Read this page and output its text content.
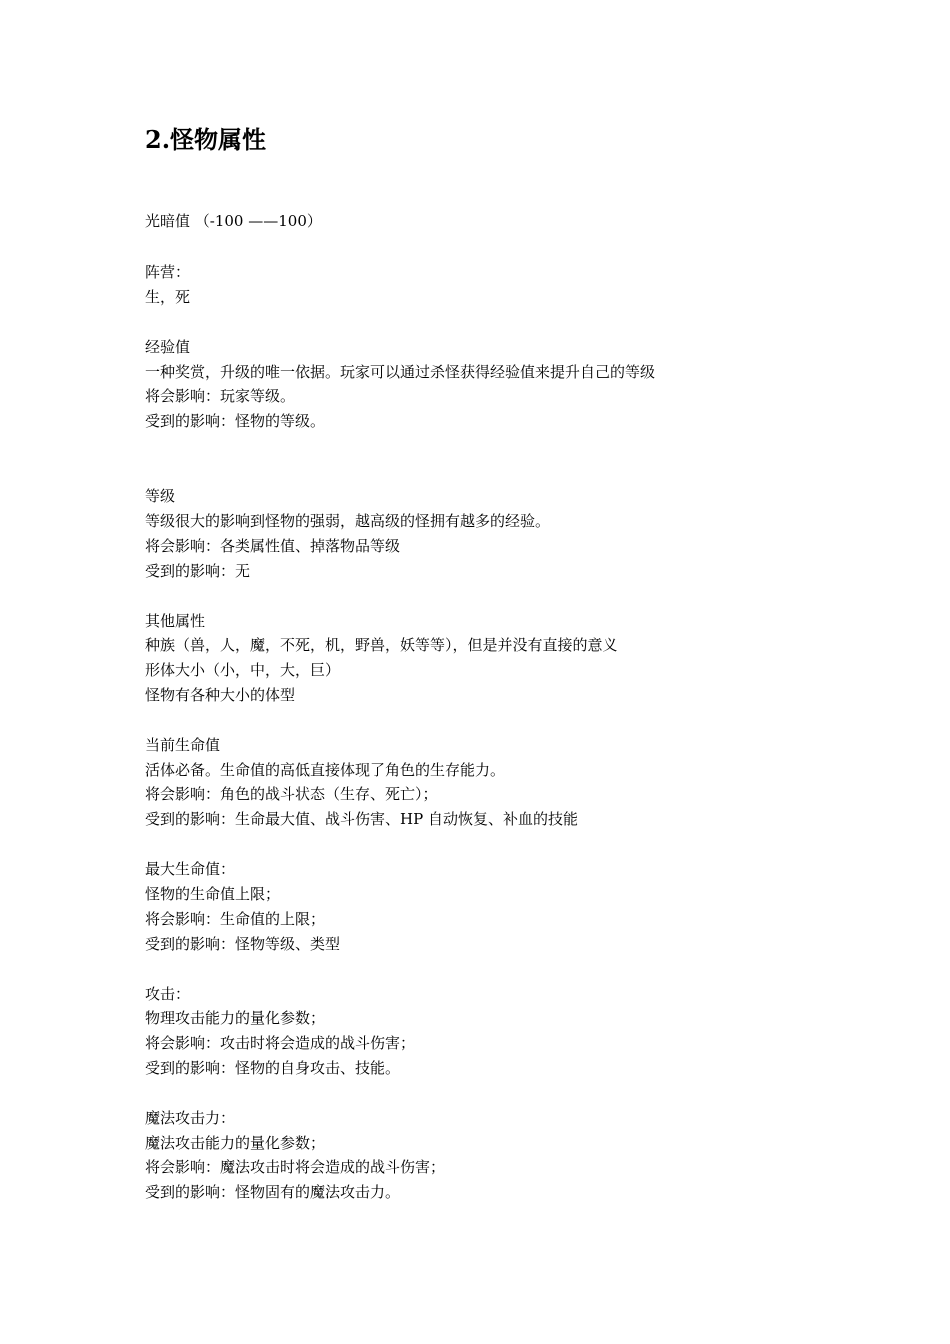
2.怪物属性
光暗值 （-100 ——100）
阵营：
生，死
经验值
一种奖赏，升级的唯一依据。玩家可以通过杀怪获得经验值来提升自己的等级
将会影响：玩家等级。
受到的影响：怪物的等级。
等级
等级很大的影响到怪物的强弱，越高级的怪拥有越多的经验。
将会影响：各类属性值、掉落物品等级
受到的影响：无
其他属性
种族（兽，人，魔，不死，机，野兽，妖等等），但是并没有直接的意义
形体大小（小，中，大，巨）
怪物有各种大小的体型
当前生命值
活体必备。生命值的高低直接体现了角色的生存能力。
将会影响：角色的战斗状态（生存、死亡）；
受到的影响：生命最大值、战斗伤害、HP 自动恢复、补血的技能
最大生命值：
怪物的生命值上限；
将会影响：生命值的上限；
受到的影响：怪物等级、类型
攻击：
物理攻击能力的量化参数；
将会影响：攻击时将会造成的战斗伤害；
受到的影响：怪物的自身攻击、技能。
魔法攻击力：
魔法攻击能力的量化参数；
将会影响：魔法攻击时将会造成的战斗伤害；
受到的影响：怪物固有的魔法攻击力。
